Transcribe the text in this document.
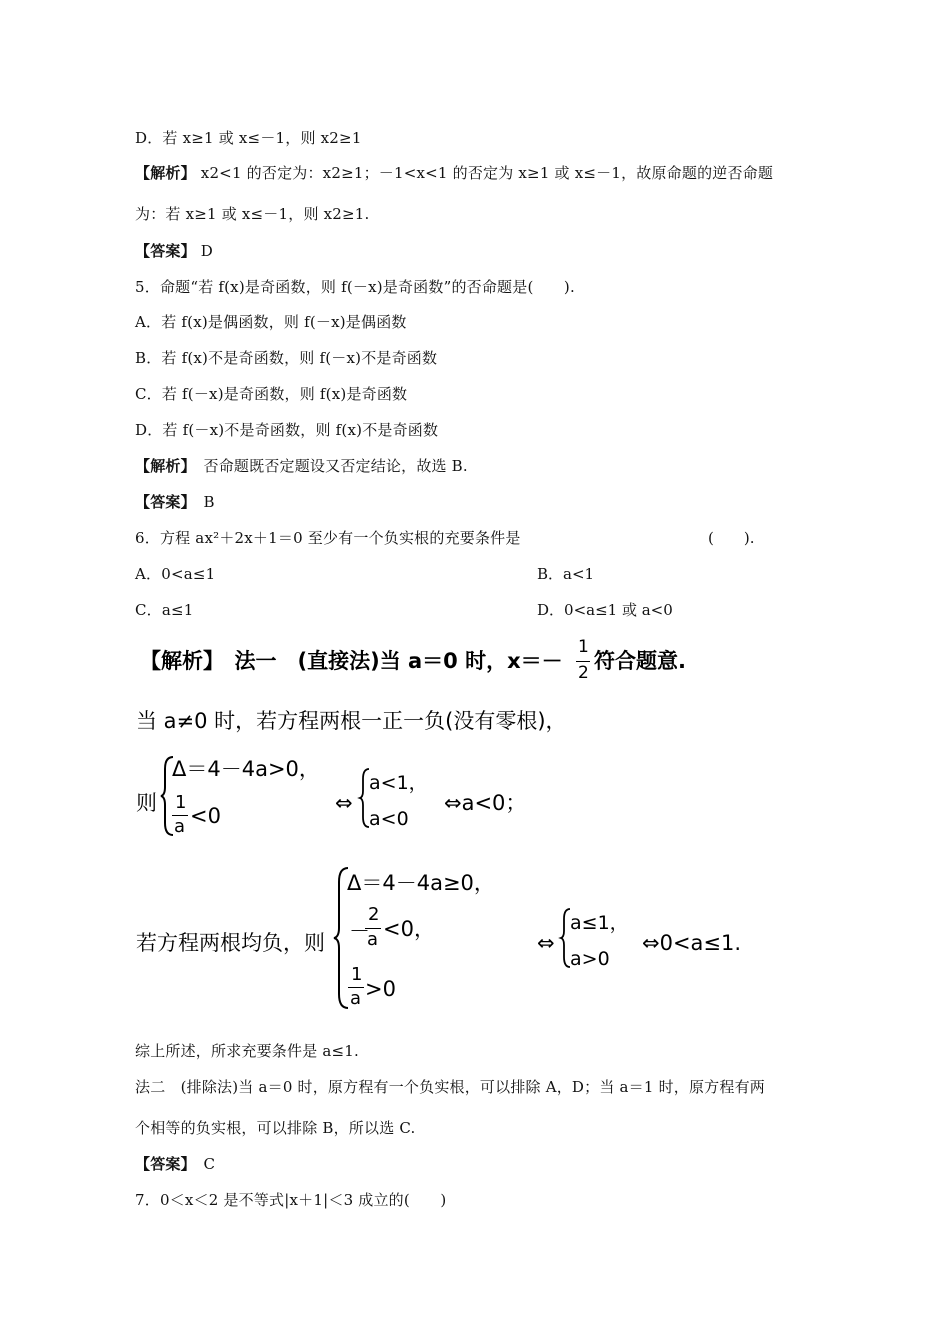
D．若 x≥1 或 x≤－1，则 x2≥1
【解析】 x2<1 的否定为：x2≥1；－1<x<1 的否定为 x≥1 或 x≤－1，故原命题的逆否命题
为：若 x≥1 或 x≤－1，则 x2≥1.
【答案】 D
5．命题“若 f(x)是奇函数，则 f(－x)是奇函数”的否命题是(　　).
A．若 f(x)是偶函数，则 f(－x)是偶函数
B．若 f(x)不是奇函数，则 f(－x)不是奇函数
C．若 f(－x)是奇函数，则 f(x)是奇函数
D．若 f(－x)不是奇函数，则 f(x)不是奇函数
【解析】　否命题既否定题设又否定结论，故选 B.
【答案】　B
6．方程 ax²＋2x＋1＝0 至少有一个负实根的充要条件是	(　　).
A．0<a≤1	B．a<1
C．a≤1	D．0<a≤1 或 a<0
【解析】　法一　(直接法)当 a＝0 时，x＝－
1
2 符合题意.
当 a≠0 时，若方程两根一正一负(没有零根)，
则
Δ＝4－4a>0，
1
a <0
⇔
a<1，
a<0
⇔a<0；
若方程两根均负，则
Δ＝4－4a≥0，
－
2
a <0，
1
a >0
⇔
a≤1，
a>0
⇔0<a≤1.
综上所述，所求充要条件是 a≤1.
法二　(排除法)当 a＝0 时，原方程有一个负实根，可以排除 A，D；当 a＝1 时，原方程有两
个相等的负实根，可以排除 B，所以选 C.
【答案】　C
7．0＜x＜2 是不等式|x＋1|＜3 成立的(　　)
